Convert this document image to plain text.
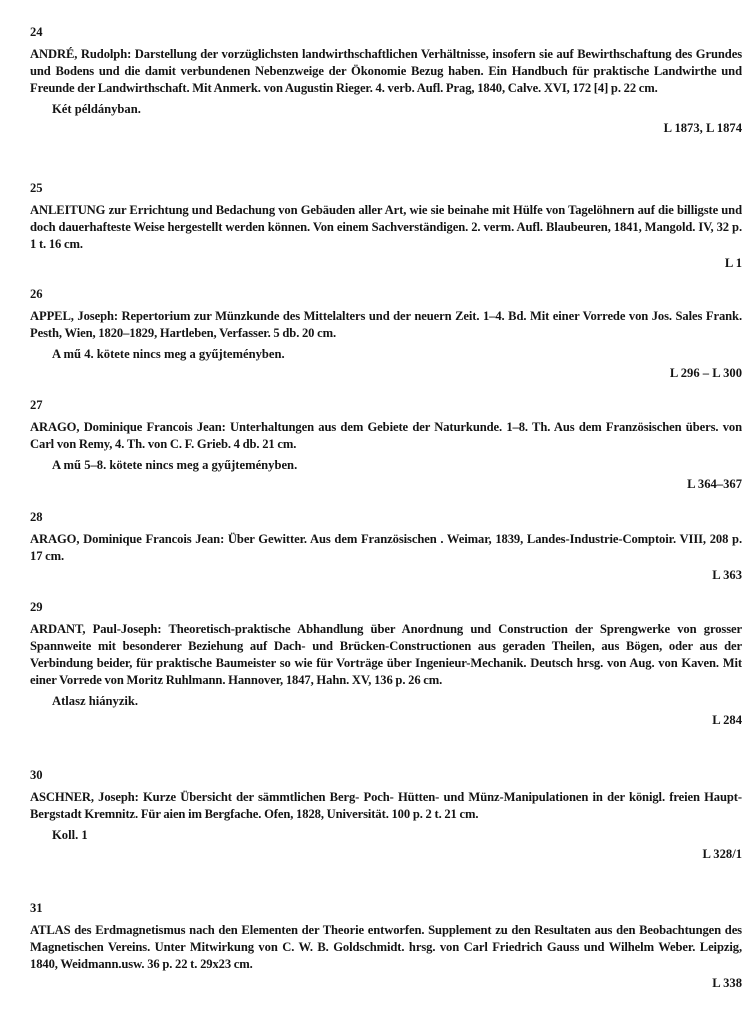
24
ANDRÉ, Rudolph: Darstellung der vorzüglichsten landwirthschaftlichen Verhältnisse, insofern sie auf Bewirthschaftung des Grundes und Bodens und die damit verbundenen Nebenzweige der Ökonomie Bezug haben. Ein Handbuch für praktische Landwirthe und Freunde der Landwirthschaft. Mit Anmerk. von Augustin Rieger. 4. verb. Aufl. Prag, 1840, Calve. XVI, 172 [4] p. 22 cm.
Két példányban.
L 1873, L 1874
25
ANLEITUNG zur Errichtung und Bedachung von Gebäuden aller Art, wie sie beinahe mit Hülfe von Tagelöhnern auf die billigste und doch dauerhafteste Weise hergestellt werden können. Von einem Sachverständigen. 2. verm. Aufl. Blaubeuren, 1841, Mangold. IV, 32 p. 1 t. 16 cm.
L 1
26
APPEL, Joseph: Repertorium zur Münzkunde des Mittelalters und der neuern Zeit. 1–4. Bd. Mit einer Vorrede von Jos. Sales Frank. Pesth, Wien, 1820–1829, Hartleben, Verfasser. 5 db. 20 cm.
A mű 4. kötete nincs meg a gyűjteményben.
L 296 – L 300
27
ARAGO, Dominique Francois Jean: Unterhaltungen aus dem Gebiete der Naturkunde. 1–8. Th. Aus dem Französischen übers. von Carl von Remy, 4. Th. von C. F. Grieb. 4 db. 21 cm.
A mű 5–8. kötete nincs meg a gyűjteményben.
L 364–367
28
ARAGO, Dominique Francois Jean: Über Gewitter. Aus dem Französischen . Weimar, 1839, Landes-Industrie-Comptoir. VIII, 208 p. 17 cm.
L 363
29
ARDANT, Paul-Joseph: Theoretisch-praktische Abhandlung über Anordnung und Construction der Sprengwerke von grosser Spannweite mit besonderer Beziehung auf Dach- und Brücken-Constructionen aus geraden Theilen, aus Bögen, oder aus der Verbindung beider, für praktische Baumeister so wie für Vorträge über Ingenieur-Mechanik. Deutsch hrsg. von Aug. von Kaven. Mit einer Vorrede von Moritz Ruhlmann. Hannover, 1847, Hahn. XV, 136 p. 26 cm.
Atlasz hiányzik.
L 284
30
ASCHNER, Joseph: Kurze Übersicht der sämmtlichen Berg- Poch- Hütten- und Münz-Manipulationen in der königl. freien Haupt-Bergstadt Kremnitz. Für aien im Bergfache. Ofen, 1828, Universität. 100 p. 2 t. 21 cm.
Koll. 1
L 328/1
31
ATLAS des Erdmagnetismus nach den Elementen der Theorie entworfen. Supplement zu den Resultaten aus den Beobachtungen des Magnetischen Vereins. Unter Mitwirkung von C. W. B. Goldschmidt. hrsg. von Carl Friedrich Gauss und Wilhelm Weber. Leipzig, 1840, Weidmann.usw. 36 p. 22 t. 29x23 cm.
L 338
